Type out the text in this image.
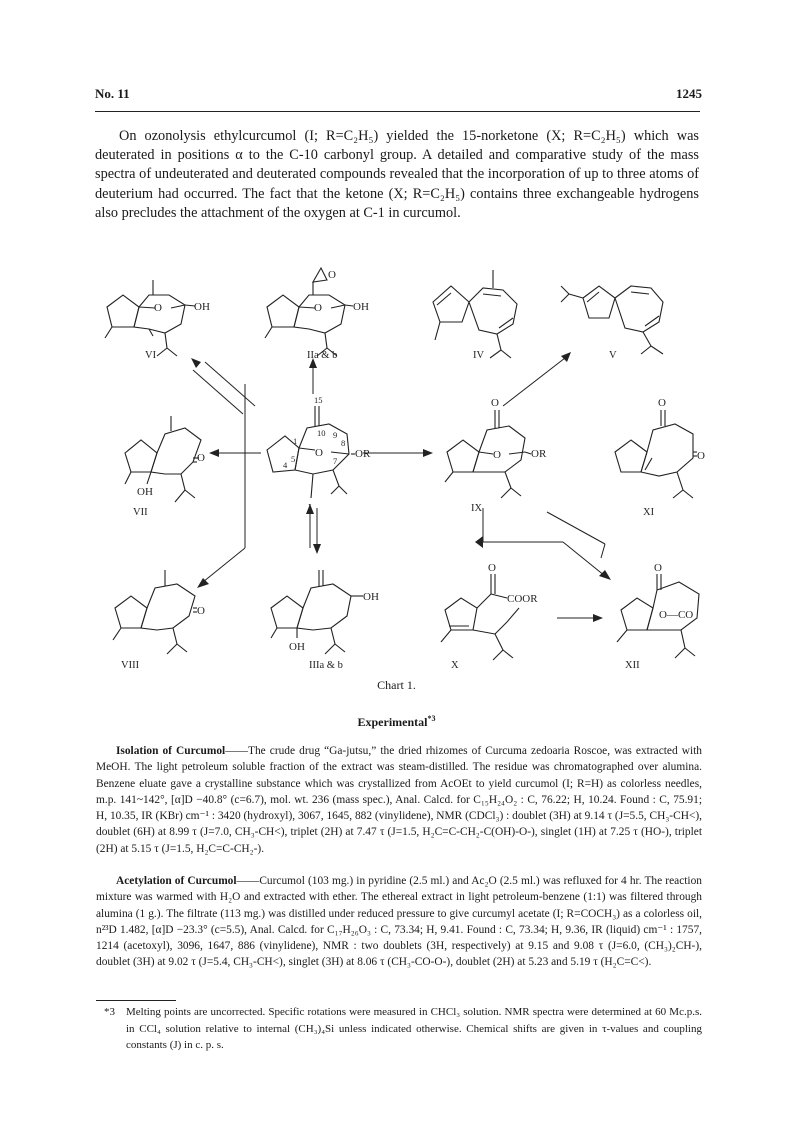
No. 11	1245

On ozonolysis ethylcurcumol (I; R=C₂H₅) yielded the 15-norketone (X; R=C₂H₅) which was deuterated in positions α to the C-10 carbonyl group. A detailed and comparative study of the mass spectra of undeuterated and deuterated compounds revealed that the incorporation of up to three atoms of deuterium had occurred. The fact that the ketone (X; R=C₂H₅) contains three exchangeable hydrogens also precludes the attachment of the oxygen at C-1 in curcumol.

O	OH	O
O
OH
O
OH
O	OR
O
O	OR
O
O
O
OH
OH
O
COOR
O
O—CO
15
10 9
8
1
5
4	7
VI	IIa & b	IV	V
VII	I	IX	XI
VIII	IIIa & b	X	XII
Chart 1.
Experimental$^{*3}$

Isolation of Curcumol——The crude drug “Ga-jutsu,” the dried rhizomes of Curcuma zedoaria Roscoe, was extracted with MeOH. The light petroleum soluble fraction of the extract was steam-distilled. The residue was chromatographed over alumina. Benzene eluate gave a crystalline substance which was crystallized from AcOEt to yield curcumol (I; R=H) as colorless needles, m.p. 141~142°, [α]D −40.8° (c=6.7), mol. wt. 236 (mass spec.), Anal. Calcd. for C₁₅H₂₄O₂ : C, 76.22; H, 10.24. Found : C, 75.91; H, 10.35, IR (KBr) cm⁻¹ : 3420 (hydroxyl), 3067, 1645, 882 (vinylidene), NMR (CDCl₃) : doublet (3H) at 9.14 τ (J=5.5, CH₃-CH<), doublet (6H) at 8.99 τ (J=7.0, CH₃-CH<), triplet (2H) at 7.47 τ (J=1.5, H₂C=C-CH₂-C(OH)-O-), singlet (1H) at 7.25 τ (HO-), triplet (2H) at 5.15 τ (J=1.5, H₂C=C-CH₂-).

Acetylation of Curcumol——Curcumol (103 mg.) in pyridine (2.5 ml.) and Ac₂O (2.5 ml.) was refluxed for 4 hr. The reaction mixture was warmed with H₂O and extracted with ether. The ethereal extract in light petroleum-benzene (1:1) was filtered through alumina (1 g.). The filtrate (113 mg.) was distilled under reduced pressure to give curcumyl acetate (I; R=COCH₃) as a colorless oil, n²³D 1.482, [α]D −23.3° (c=5.5), Anal. Calcd. for C₁₇H₂₆O₃ : C, 73.34; H, 9.41. Found : C, 73.34; H, 9.36, IR (liquid) cm⁻¹ : 1757, 1214 (acetoxyl), 3096, 1647, 886 (vinylidene), NMR : two doublets (3H, respectively) at 9.15 and 9.08 τ (J=6.0, (CH₃)₂CH-), doublet (3H) at 9.02 τ (J=5.4, CH₃-CH<), singlet (3H) at 8.06 τ (CH₃-CO-O-), doublet (2H) at 5.23 and 5.19 τ (H₂C=C<).

*3	Melting points are uncorrected. Specific rotations were measured in CHCl₃ solution. NMR spectra were determined at 60 Mc.p.s. in CCl₄ solution relative to internal (CH₃)₄Si unless indicated otherwise. Chemical shifts are given in τ-values and coupling constants (J) in c. p. s.
